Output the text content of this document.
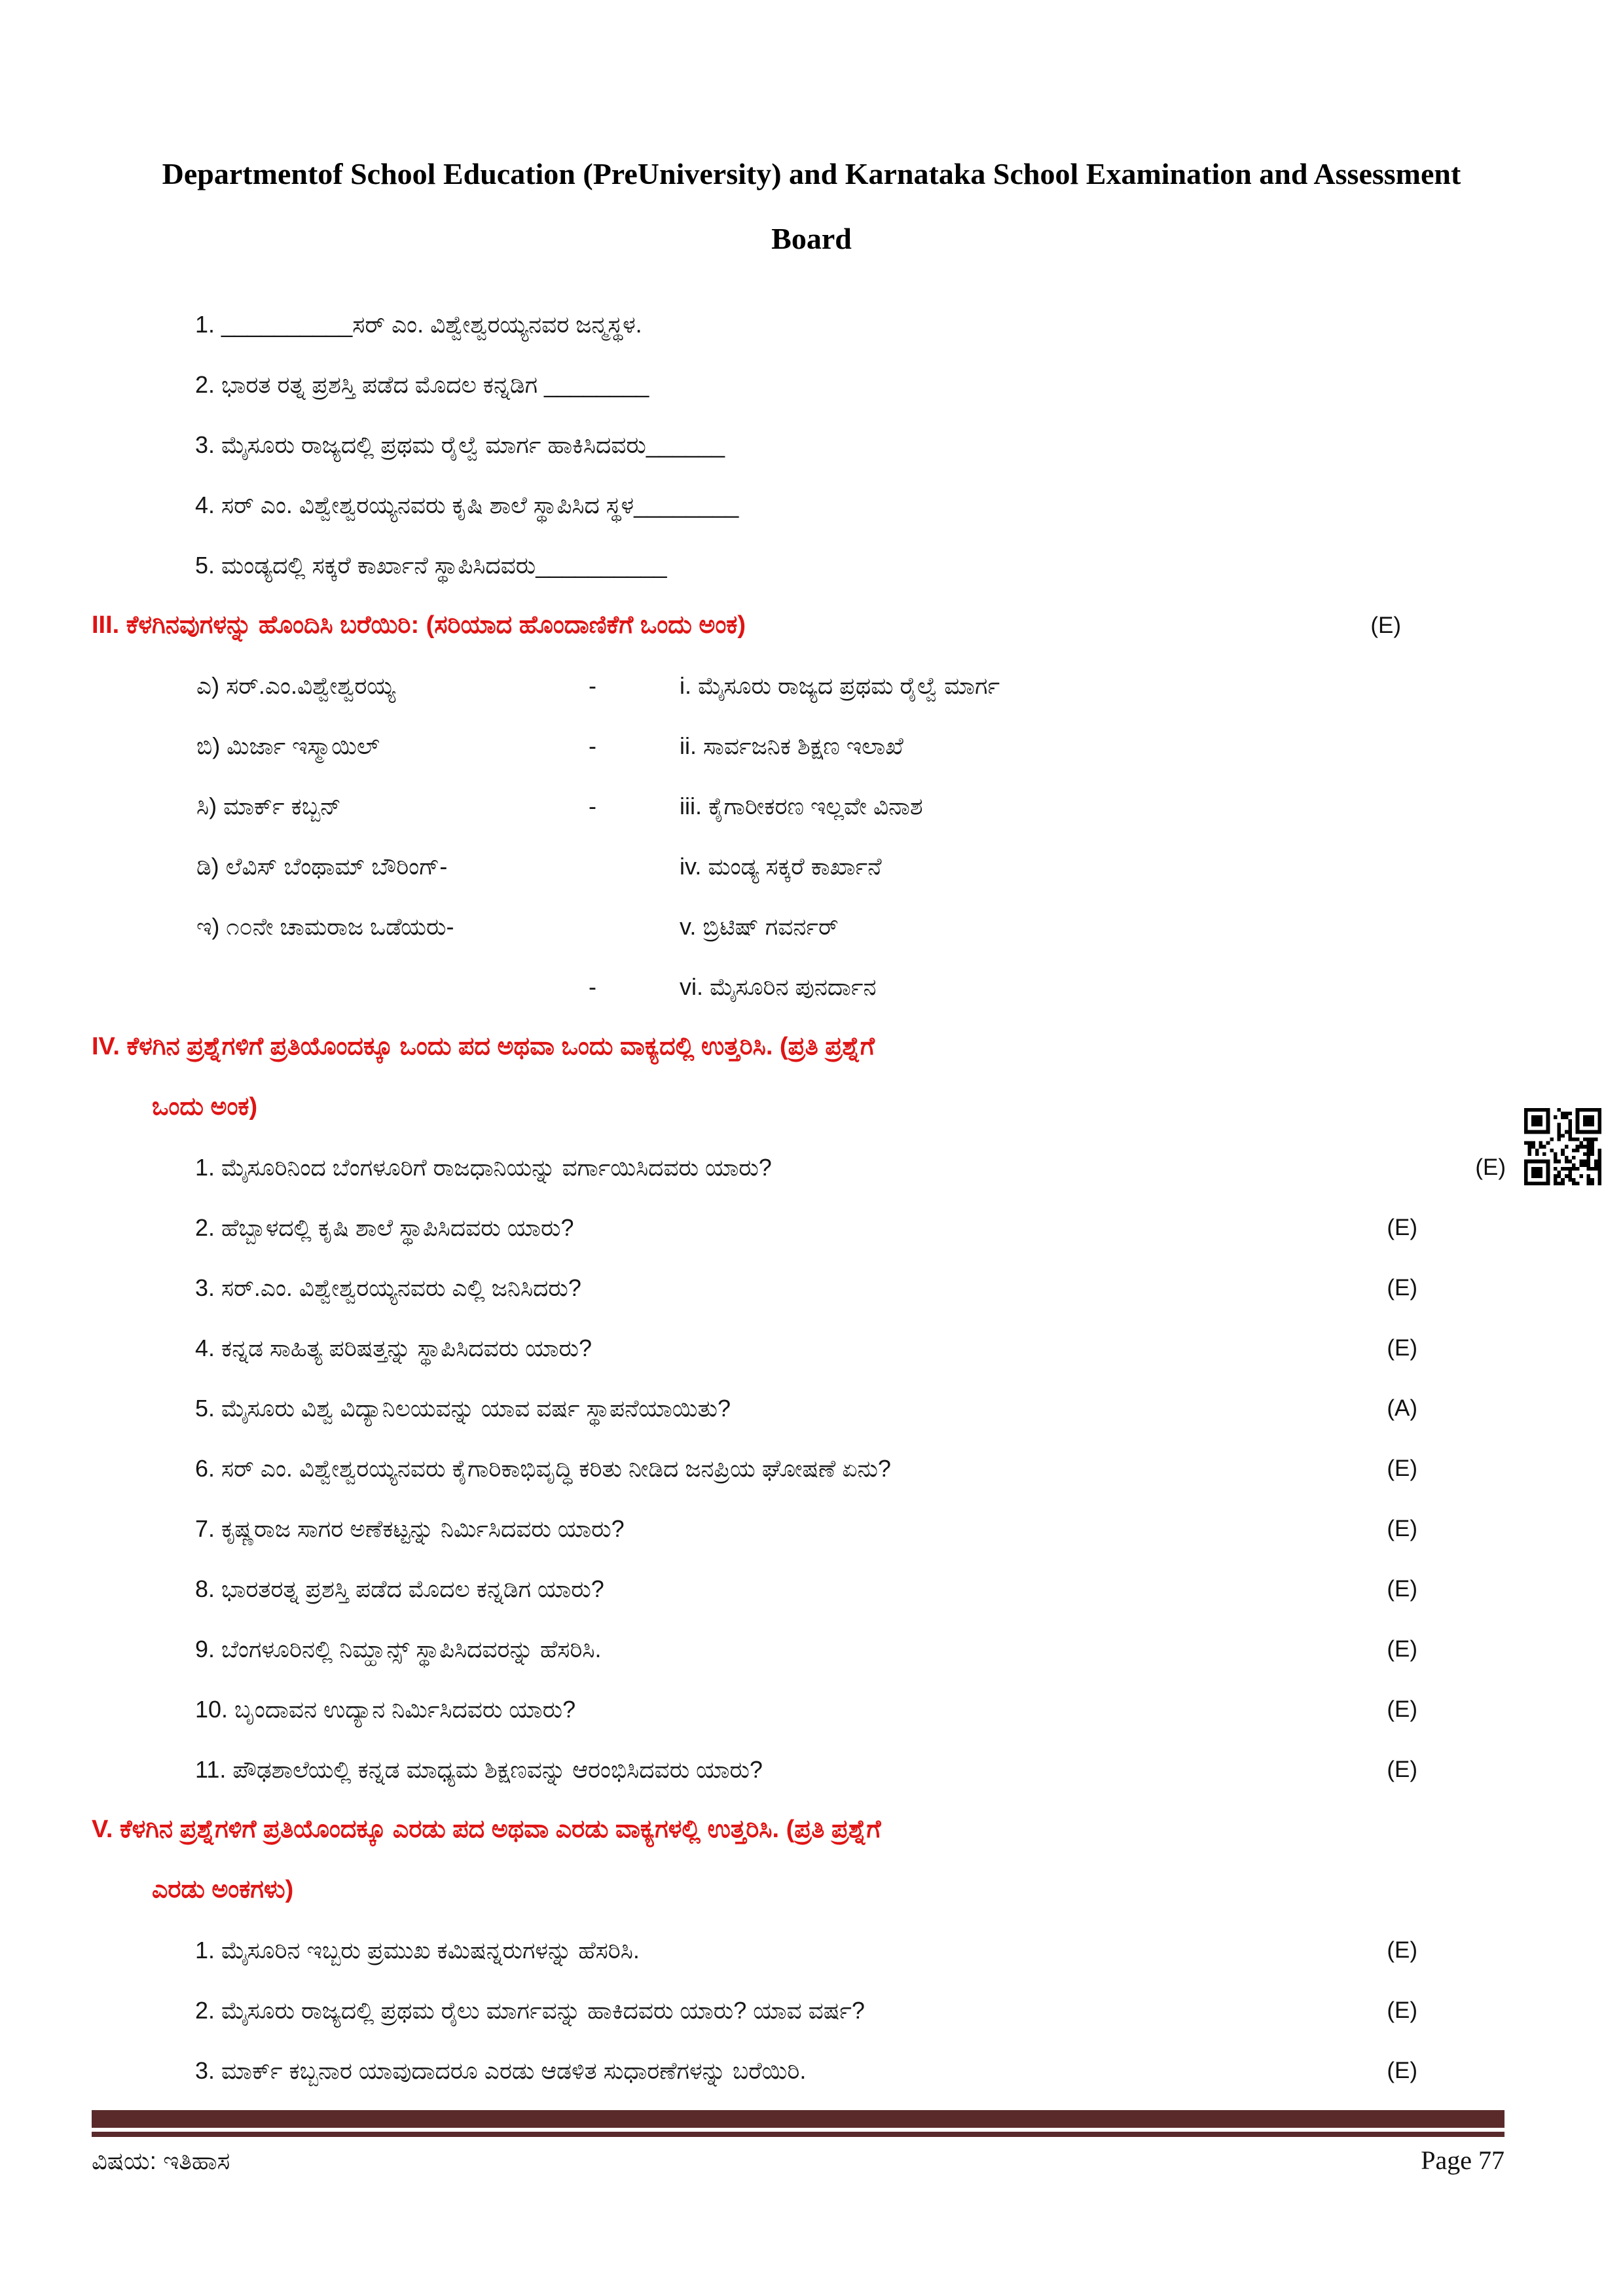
Departmentof School Education (PreUniversity) and Karnataka School Examination and Assessment
Board
1. __________ಸರ್ ಎಂ. ವಿಶ್ವೇಶ್ವರಯ್ಯನವರ ಜನ್ಮಸ್ಥಳ.
2. ಭಾರತ ರತ್ನ ಪ್ರಶಸ್ತಿ ಪಡೆದ ಮೊದಲ ಕನ್ನಡಿಗ ________
3. ಮೈಸೂರು ರಾಜ್ಯದಲ್ಲಿ ಪ್ರಥಮ ರೈಲ್ವೆ ಮಾರ್ಗ ಹಾಕಿಸಿದವರು______
4. ಸರ್ ಎಂ. ವಿಶ್ವೇಶ್ವರಯ್ಯನವರು ಕೃಷಿ ಶಾಲೆ ಸ್ಥಾಪಿಸಿದ ಸ್ಥಳ________
5. ಮಂಡ್ಯದಲ್ಲಿ ಸಕ್ಕರೆ ಕಾರ್ಖಾನೆ ಸ್ಥಾಪಿಸಿದವರು__________
III. ಕೆಳಗಿನವುಗಳನ್ನು ಹೊಂದಿಸಿ ಬರೆಯಿರಿ: (ಸರಿಯಾದ ಹೊಂದಾಣಿಕೆಗೆ ಒಂದು ಅಂಕ)	(E)
ಎ) ಸರ್.ಎಂ.ವಿಶ್ವೇಶ್ವರಯ್ಯ	-	i. ಮೈಸೂರು ರಾಜ್ಯದ ಪ್ರಥಮ ರೈಲ್ವೆ ಮಾರ್ಗ
ಬಿ) ಮಿರ್ಜಾ ಇಸ್ಮಾಯಿಲ್	-	ii. ಸಾರ್ವಜನಿಕ ಶಿಕ್ಷಣ ಇಲಾಖೆ
ಸಿ) ಮಾರ್ಕ್ ಕಬ್ಬನ್	-	iii. ಕೈಗಾರೀಕರಣ ಇಲ್ಲವೇ ವಿನಾಶ
ಡಿ) ಲೆವಿಸ್ ಬೆಂಥಾಮ್ ಬೌರಿಂಗ್-	iv. ಮಂಡ್ಯ ಸಕ್ಕರೆ ಕಾರ್ಖಾನೆ
ಇ) ೧೦ನೇ ಚಾಮರಾಜ ಒಡೆಯರು-	v. ಬ್ರಿಟಿಷ್ ಗವರ್ನರ್
-	vi. ಮೈಸೂರಿನ ಪುನರ್ದಾನ
IV. ಕೆಳಗಿನ ಪ್ರಶ್ನೆಗಳಿಗೆ ಪ್ರತಿಯೊಂದಕ್ಕೂ ಒಂದು ಪದ ಅಥವಾ ಒಂದು ವಾಕ್ಯದಲ್ಲಿ ಉತ್ತರಿಸಿ. (ಪ್ರತಿ ಪ್ರಶ್ನೆಗೆ
ಒಂದು ಅಂಕ)
1. ಮೈಸೂರಿನಿಂದ ಬೆಂಗಳೂರಿಗೆ ರಾಜಧಾನಿಯನ್ನು ವರ್ಗಾಯಿಸಿದವರು ಯಾರು?	(E)
2. ಹೆಬ್ಬಾಳದಲ್ಲಿ ಕೃಷಿ ಶಾಲೆ ಸ್ಥಾಪಿಸಿದವರು ಯಾರು?	(E)
3. ಸರ್.ಎಂ. ವಿಶ್ವೇಶ್ವರಯ್ಯನವರು ಎಲ್ಲಿ ಜನಿಸಿದರು?	(E)
4. ಕನ್ನಡ ಸಾಹಿತ್ಯ ಪರಿಷತ್ತನ್ನು ಸ್ಥಾಪಿಸಿದವರು ಯಾರು?	(E)
5. ಮೈಸೂರು ವಿಶ್ವ ವಿದ್ಯಾನಿಲಯವನ್ನು ಯಾವ ವರ್ಷ ಸ್ಥಾಪನೆಯಾಯಿತು?	(A)
6. ಸರ್ ಎಂ. ವಿಶ್ವೇಶ್ವರಯ್ಯನವರು ಕೈಗಾರಿಕಾಭಿವೃದ್ಧಿ ಕರಿತು ನೀಡಿದ ಜನಪ್ರಿಯ ಘೋಷಣೆ ಏನು?	(E)
7. ಕೃಷ್ಣರಾಜ ಸಾಗರ ಅಣೆಕಟ್ಟನ್ನು ನಿರ್ಮಿಸಿದವರು ಯಾರು?	(E)
8. ಭಾರತರತ್ನ ಪ್ರಶಸ್ತಿ ಪಡೆದ ಮೊದಲ ಕನ್ನಡಿಗ ಯಾರು?	(E)
9. ಬೆಂಗಳೂರಿನಲ್ಲಿ ನಿಮ್ಹಾನ್ಸ್ ಸ್ಥಾಪಿಸಿದವರನ್ನು ಹೆಸರಿಸಿ.	(E)
10. ಬೃಂದಾವನ ಉದ್ಯಾನ ನಿರ್ಮಿಸಿದವರು ಯಾರು?	(E)
11. ಪೌಢಶಾಲೆಯಲ್ಲಿ ಕನ್ನಡ ಮಾಧ್ಯಮ ಶಿಕ್ಷಣವನ್ನು ಆರಂಭಿಸಿದವರು ಯಾರು?	(E)
V. ಕೆಳಗಿನ ಪ್ರಶ್ನೆಗಳಿಗೆ ಪ್ರತಿಯೊಂದಕ್ಕೂ ಎರಡು ಪದ ಅಥವಾ ಎರಡು ವಾಕ್ಯಗಳಲ್ಲಿ ಉತ್ತರಿಸಿ. (ಪ್ರತಿ ಪ್ರಶ್ನೆಗೆ
ಎರಡು ಅಂಕಗಳು)
1. ಮೈಸೂರಿನ ಇಬ್ಬರು ಪ್ರಮುಖ ಕಮಿಷನ್ನರುಗಳನ್ನು ಹೆಸರಿಸಿ.	(E)
2. ಮೈಸೂರು ರಾಜ್ಯದಲ್ಲಿ ಪ್ರಥಮ ರೈಲು ಮಾರ್ಗವನ್ನು ಹಾಕಿದವರು ಯಾರು? ಯಾವ ವರ್ಷ?	(E)
3. ಮಾರ್ಕ್ ಕಬ್ಬನಾರ ಯಾವುದಾದರೂ ಎರಡು ಆಡಳಿತ ಸುಧಾರಣೆಗಳನ್ನು ಬರೆಯಿರಿ.	(E)
ವಿಷಯ: ಇತಿಹಾಸ	Page 77
